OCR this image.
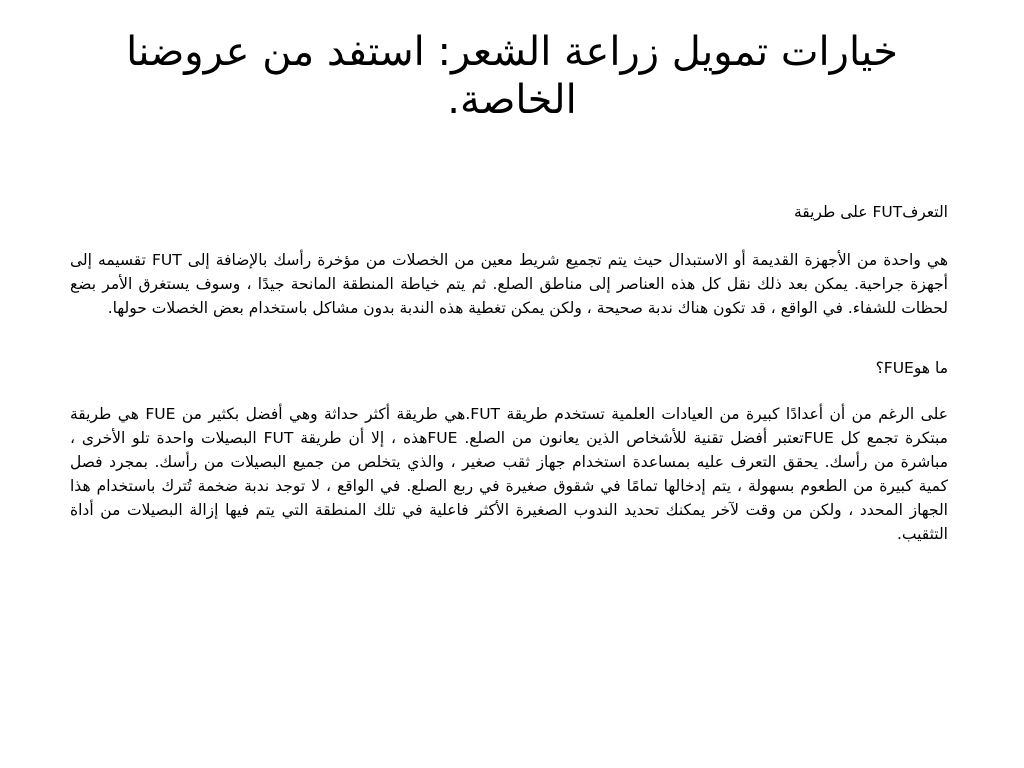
خيارات تمويل زراعة الشعر: استفد من عروضنا الخاصة.

التعرفFUT على طريقة

هي واحدة من الأجهزة القديمة أو الاستبدال حيث يتم تجميع شريط معين من الخصلات من مؤخرة رأسك بالإضافة إلى FUT تقسيمه إلى أجهزة جراحية. يمكن بعد ذلك نقل كل هذه العناصر إلى مناطق الصلع. ثم يتم خياطة المنطقة المانحة جيدًا ، وسوف يستغرق الأمر بضع لحظات للشفاء. في الواقع ، قد تكون هناك ندبة صحيحة ، ولكن يمكن تغطية هذه الندبة بدون مشاكل باستخدام بعض الخصلات حولها.

ما هوFUE؟

على الرغم من أن أعدادًا كبيرة من العيادات العلمية تستخدم طريقة FUT.هي طريقة أكثر حداثة وهي أفضل بكثير من FUE هي طريقة مبتكرة تجمع كل FUEتعتبر أفضل تقنية للأشخاص الذين يعانون من الصلع. FUEهذه ، إلا أن طريقة FUT البصيلات واحدة تلو الأخرى ، مباشرة من رأسك. يحقق التعرف عليه بمساعدة استخدام جهاز ثقب صغير ، والذي يتخلص من جميع البصيلات من رأسك. بمجرد فصل كمية كبيرة من الطعوم بسهولة ، يتم إدخالها تمامًا في شقوق صغيرة في ربع الصلع. في الواقع ، لا توجد ندبة ضخمة تُترك باستخدام هذا الجهاز المحدد ، ولكن من وقت لآخر يمكنك تحديد الندوب الصغيرة الأكثر فاعلية في تلك المنطقة التي يتم فيها إزالة البصيلات من أداة التثقيب.
